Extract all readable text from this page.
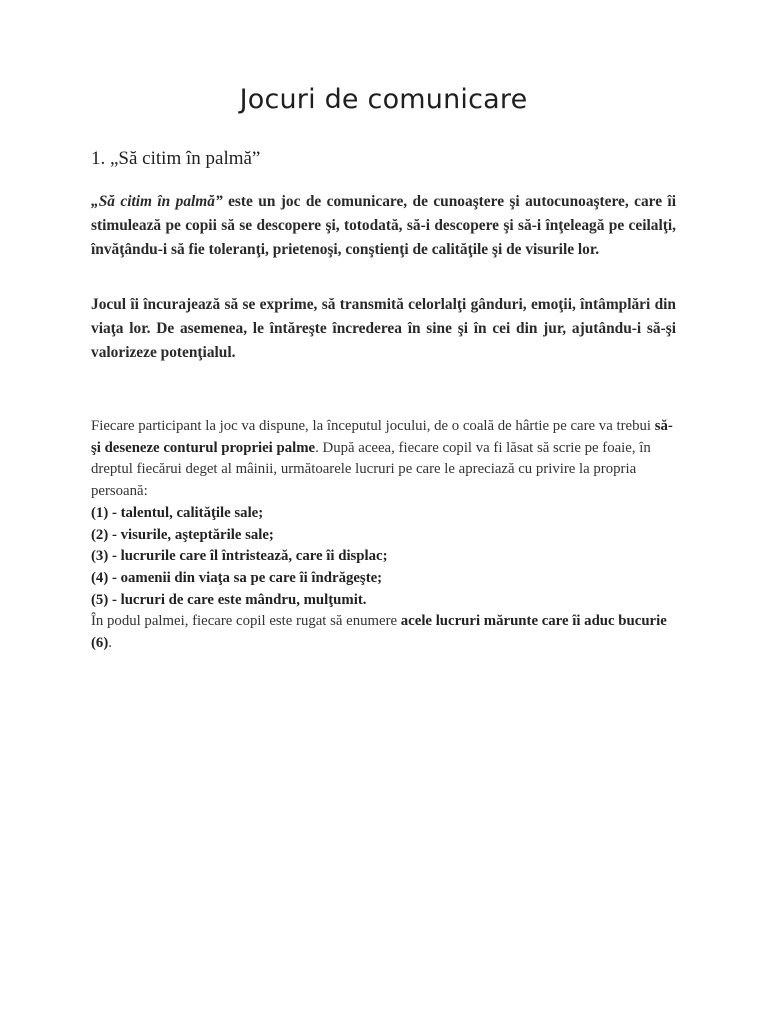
Jocuri de comunicare
1. „Să citim în palmă”

„Să citim în palmă” este un joc de comunicare, de cunoaştere şi autocunoaştere, care îi stimulează pe copii să se descopere şi, totodată, să-i descopere şi să-i înţeleagă pe ceilalţi, învăţându-i să fie toleranţi, prietenoşi, conştienţi de calităţile şi de visurile lor.

Jocul îi încurajează să se exprime, să transmită celorlalţi gânduri, emoţii, întâmplări din viaţa lor. De asemenea, le întăreşte încrederea în sine şi în cei din jur, ajutându-i să-şi valorizeze potenţialul.

Fiecare participant la joc va dispune, la începutul jocului, de o coală de hârtie pe care va trebui să-şi deseneze conturul propriei palme. După aceea, fiecare copil va fi lăsat să scrie pe foaie, în dreptul fiecărui deget al mâinii, următoarele lucruri pe care le apreciază cu privire la propria persoană:

(1) - talentul, calităţile sale;

(2) - visurile, aşteptările sale;

(3) - lucrurile care îl întristează, care îi displac;

(4) - oamenii din viaţa sa pe care îi îndrăgeşte;

(5) - lucruri de care este mândru, mulţumit.

În podul palmei, fiecare copil este rugat să enumere acele lucruri mărunte care îi aduc bucurie (6).
